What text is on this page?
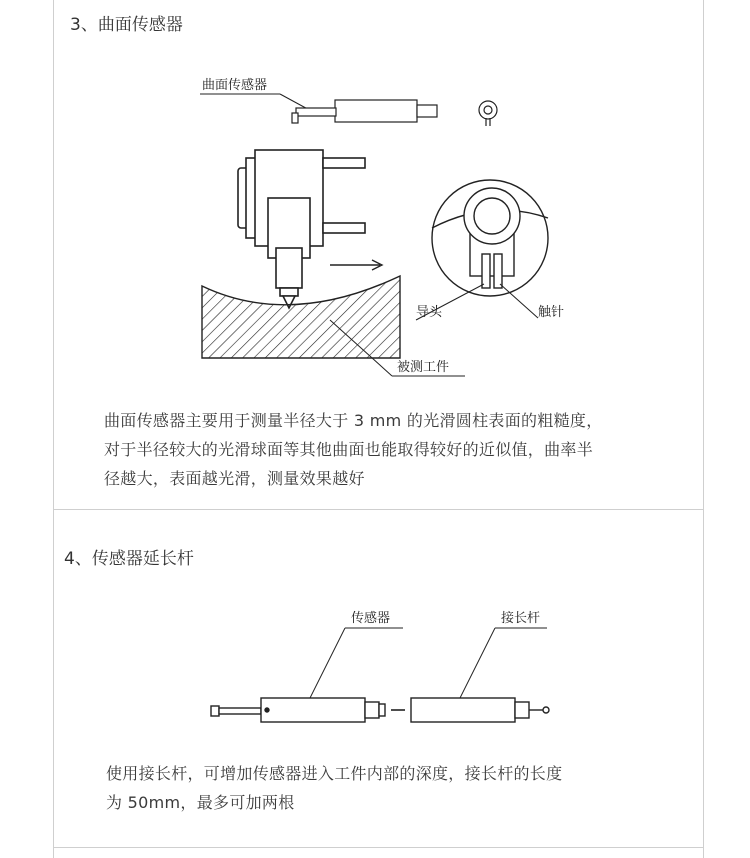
3、曲面传感器
曲面传感器
被测工件
导头	触针
曲面传感器主要用于测量半径大于 3 mm 的光滑圆柱表面的粗糙度，
对于半径较大的光滑球面等其他曲面也能取得较好的近似值，曲率半
径越大，表面越光滑，测量效果越好
4、传感器延长杆
传感器	接长杆
使用接长杆，可增加传感器进入工件内部的深度，接长杆的长度
为 50mm，最多可加两根
